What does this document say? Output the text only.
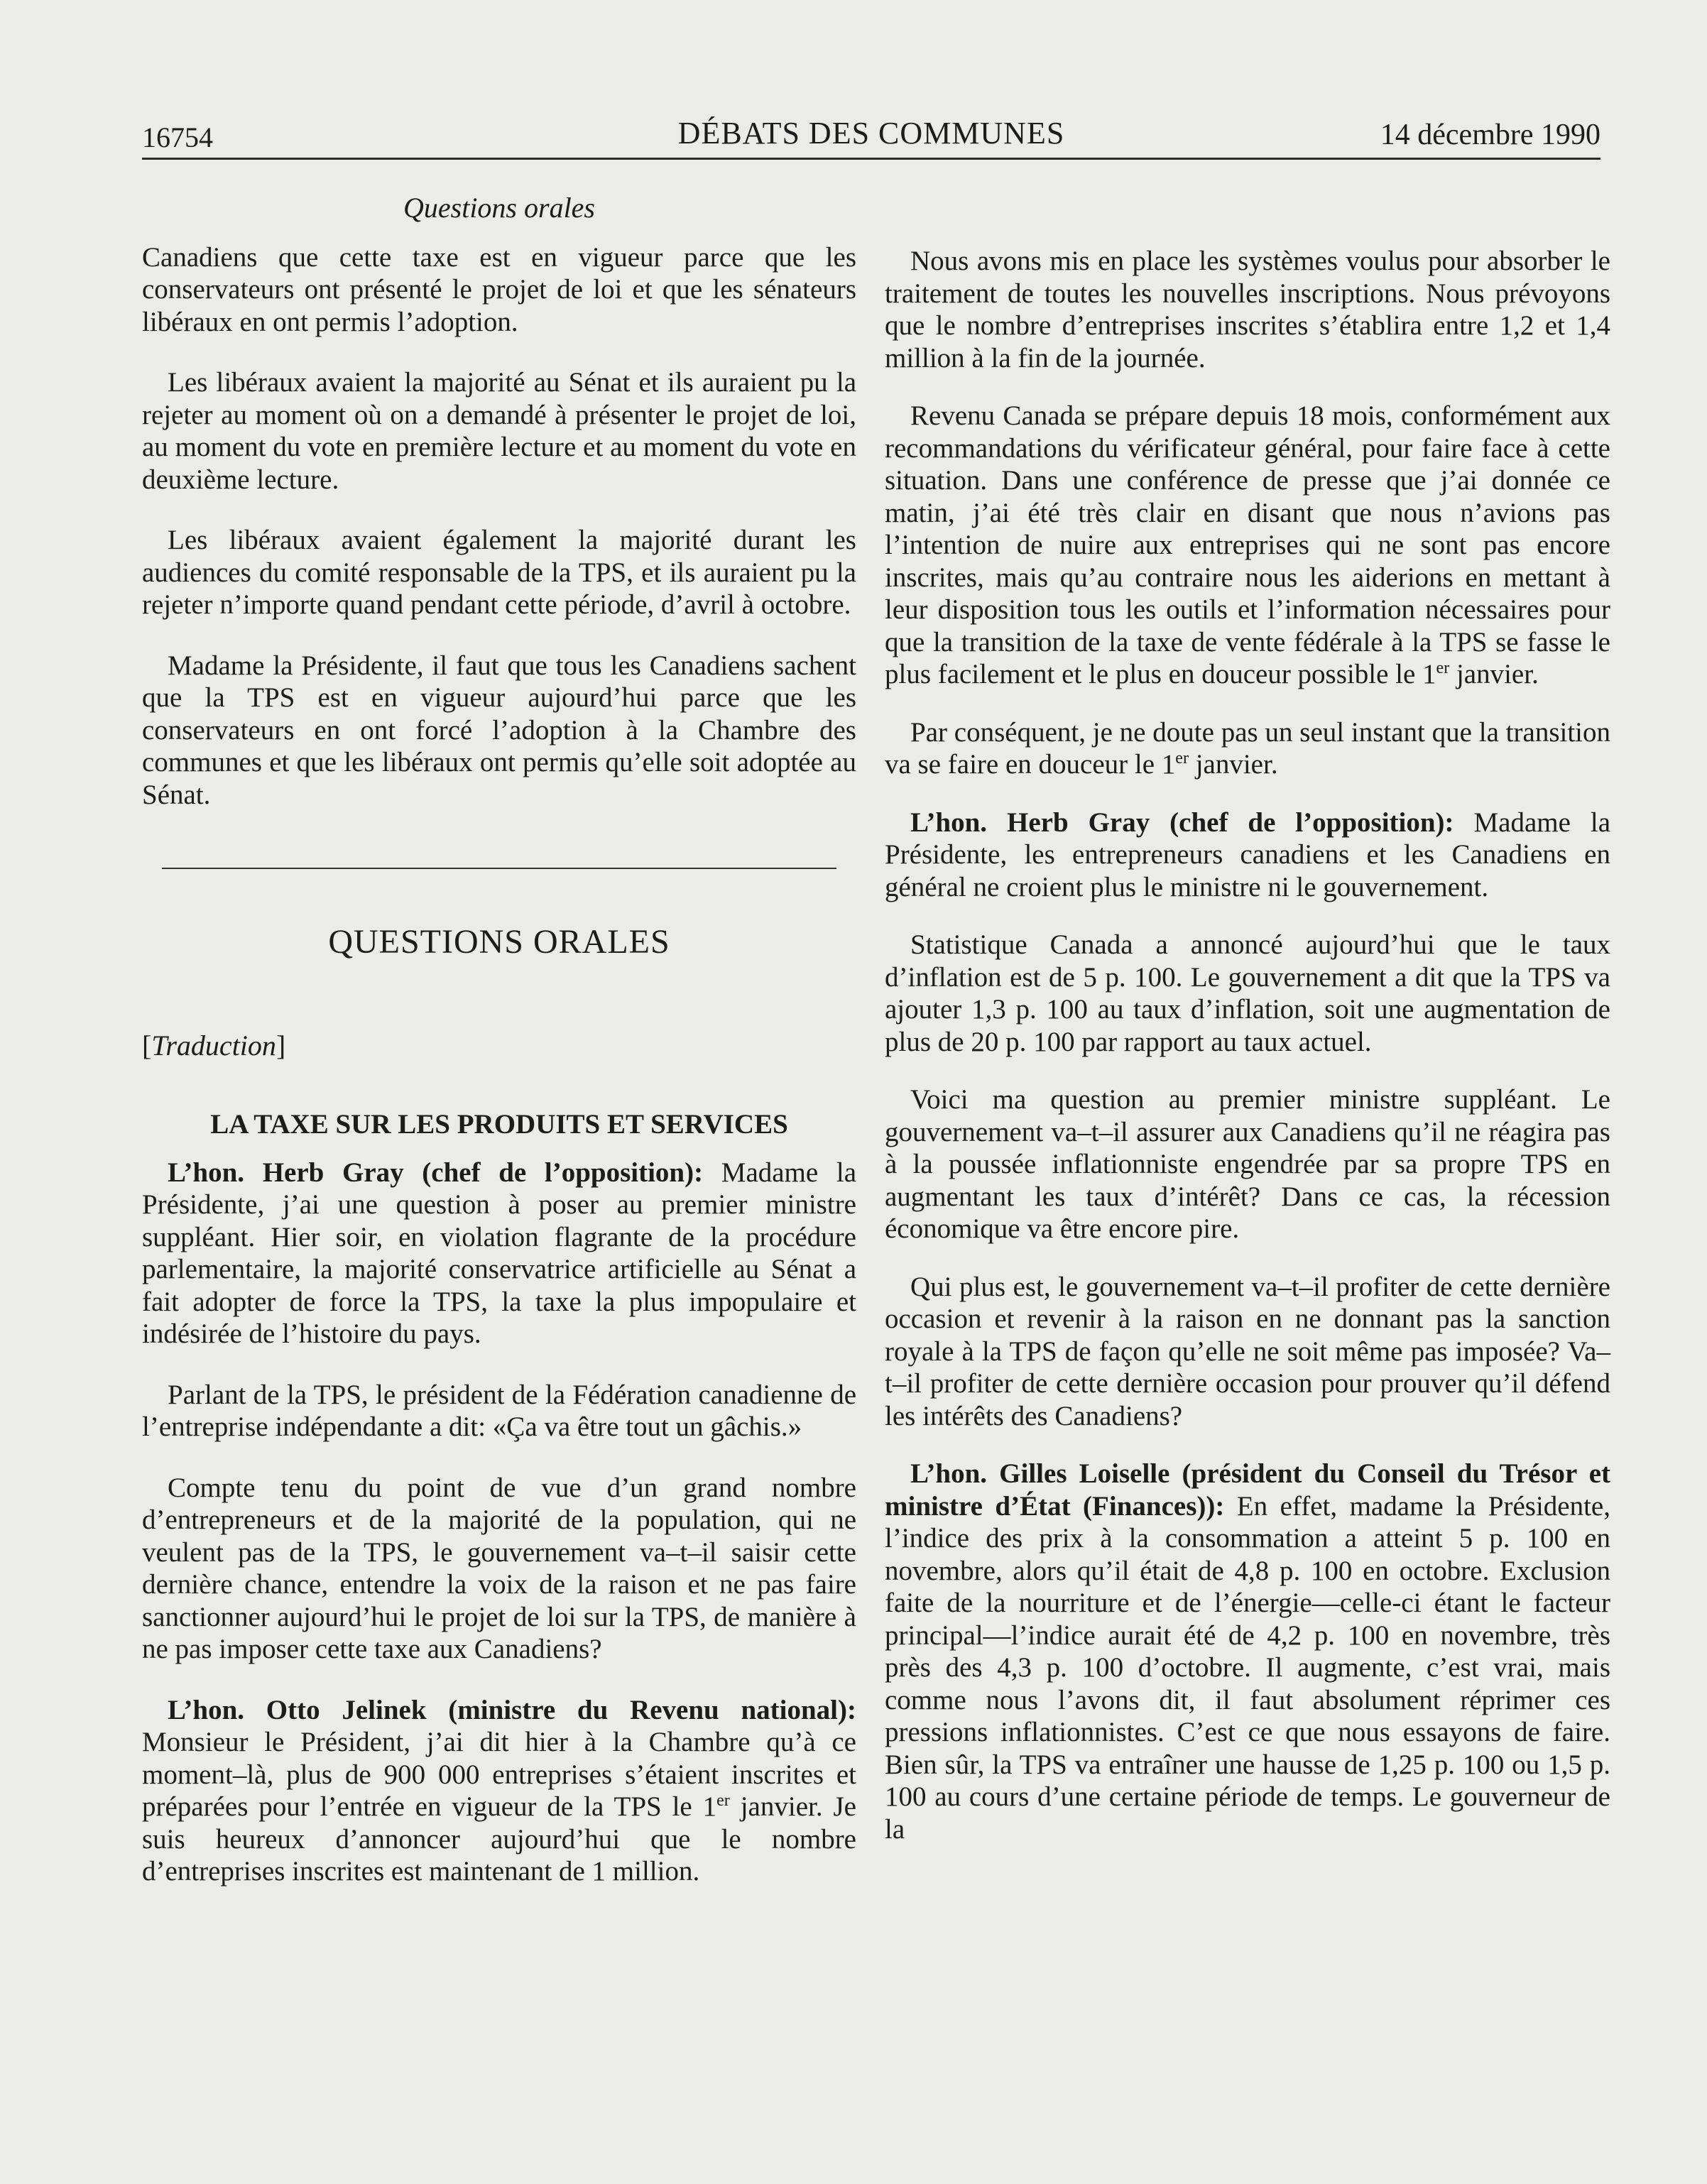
16754	DÉBATS DES COMMUNES	14 décembre 1990
Questions orales

Canadiens que cette taxe est en vigueur parce que les conservateurs ont présenté le projet de loi et que les sénateurs libéraux en ont permis l’adoption.

Les libéraux avaient la majorité au Sénat et ils auraient pu la rejeter au moment où on a demandé à présenter le projet de loi, au moment du vote en première lecture et au moment du vote en deuxième lecture.

Les libéraux avaient également la majorité durant les audiences du comité responsable de la TPS, et ils auraient pu la rejeter n’importe quand pendant cette période, d’avril à octobre.

Madame la Présidente, il faut que tous les Canadiens sachent que la TPS est en vigueur aujourd’hui parce que les conservateurs en ont forcé l’adoption à la Chambre des communes et que les libéraux ont permis qu’elle soit adoptée au Sénat.

QUESTIONS ORALES
[Traduction]
LA TAXE SUR LES PRODUITS ET SERVICES

L’hon. Herb Gray (chef de l’opposition): Madame la Présidente, j’ai une question à poser au premier ministre suppléant. Hier soir, en violation flagrante de la procédure parlementaire, la majorité conservatrice artificielle au Sénat a fait adopter de force la TPS, la taxe la plus impopulaire et indésirée de l’histoire du pays.

Parlant de la TPS, le président de la Fédération canadienne de l’entreprise indépendante a dit: «Ça va être tout un gâchis.»

Compte tenu du point de vue d’un grand nombre d’entrepreneurs et de la majorité de la population, qui ne veulent pas de la TPS, le gouvernement va–t–il saisir cette dernière chance, entendre la voix de la raison et ne pas faire sanctionner aujourd’hui le projet de loi sur la TPS, de manière à ne pas imposer cette taxe aux Canadiens?

L’hon. Otto Jelinek (ministre du Revenu national): Monsieur le Président, j’ai dit hier à la Chambre qu’à ce moment–là, plus de 900 000 entreprises s’étaient inscrites et préparées pour l’entrée en vigueur de la TPS le 1er janvier. Je suis heureux d’annoncer aujourd’hui que le nombre d’entreprises inscrites est maintenant de 1 million.

Nous avons mis en place les systèmes voulus pour absorber le traitement de toutes les nouvelles inscriptions. Nous prévoyons que le nombre d’entreprises inscrites s’établira entre 1,2 et 1,4 million à la fin de la journée.

Revenu Canada se prépare depuis 18 mois, conformément aux recommandations du vérificateur général, pour faire face à cette situation. Dans une conférence de presse que j’ai donnée ce matin, j’ai été très clair en disant que nous n’avions pas l’intention de nuire aux entreprises qui ne sont pas encore inscrites, mais qu’au contraire nous les aiderions en mettant à leur disposition tous les outils et l’information nécessaires pour que la transition de la taxe de vente fédérale à la TPS se fasse le plus facilement et le plus en douceur possible le 1er janvier.

Par conséquent, je ne doute pas un seul instant que la transition va se faire en douceur le 1er janvier.

L’hon. Herb Gray (chef de l’opposition): Madame la Présidente, les entrepreneurs canadiens et les Canadiens en général ne croient plus le ministre ni le gouvernement.

Statistique Canada a annoncé aujourd’hui que le taux d’inflation est de 5 p. 100. Le gouvernement a dit que la TPS va ajouter 1,3 p. 100 au taux d’inflation, soit une augmentation de plus de 20 p. 100 par rapport au taux actuel.

Voici ma question au premier ministre suppléant. Le gouvernement va–t–il assurer aux Canadiens qu’il ne réagira pas à la poussée inflationniste engendrée par sa propre TPS en augmentant les taux d’intérêt? Dans ce cas, la récession économique va être encore pire.

Qui plus est, le gouvernement va–t–il profiter de cette dernière occasion et revenir à la raison en ne donnant pas la sanction royale à la TPS de façon qu’elle ne soit même pas imposée? Va–t–il profiter de cette dernière occasion pour prouver qu’il défend les intérêts des Canadiens?

L’hon. Gilles Loiselle (président du Conseil du Trésor et ministre d’État (Finances)): En effet, madame la Présidente, l’indice des prix à la consommation a atteint 5 p. 100 en novembre, alors qu’il était de 4,8 p. 100 en octobre. Exclusion faite de la nourriture et de l’énergie—celle-ci étant le facteur principal—l’indice aurait été de 4,2 p. 100 en novembre, très près des 4,3 p. 100 d’octobre. Il augmente, c’est vrai, mais comme nous l’avons dit, il faut absolument réprimer ces pressions inflationnistes. C’est ce que nous essayons de faire. Bien sûr, la TPS va entraîner une hausse de 1,25 p. 100 ou 1,5 p. 100 au cours d’une certaine période de temps. Le gouverneur de la
